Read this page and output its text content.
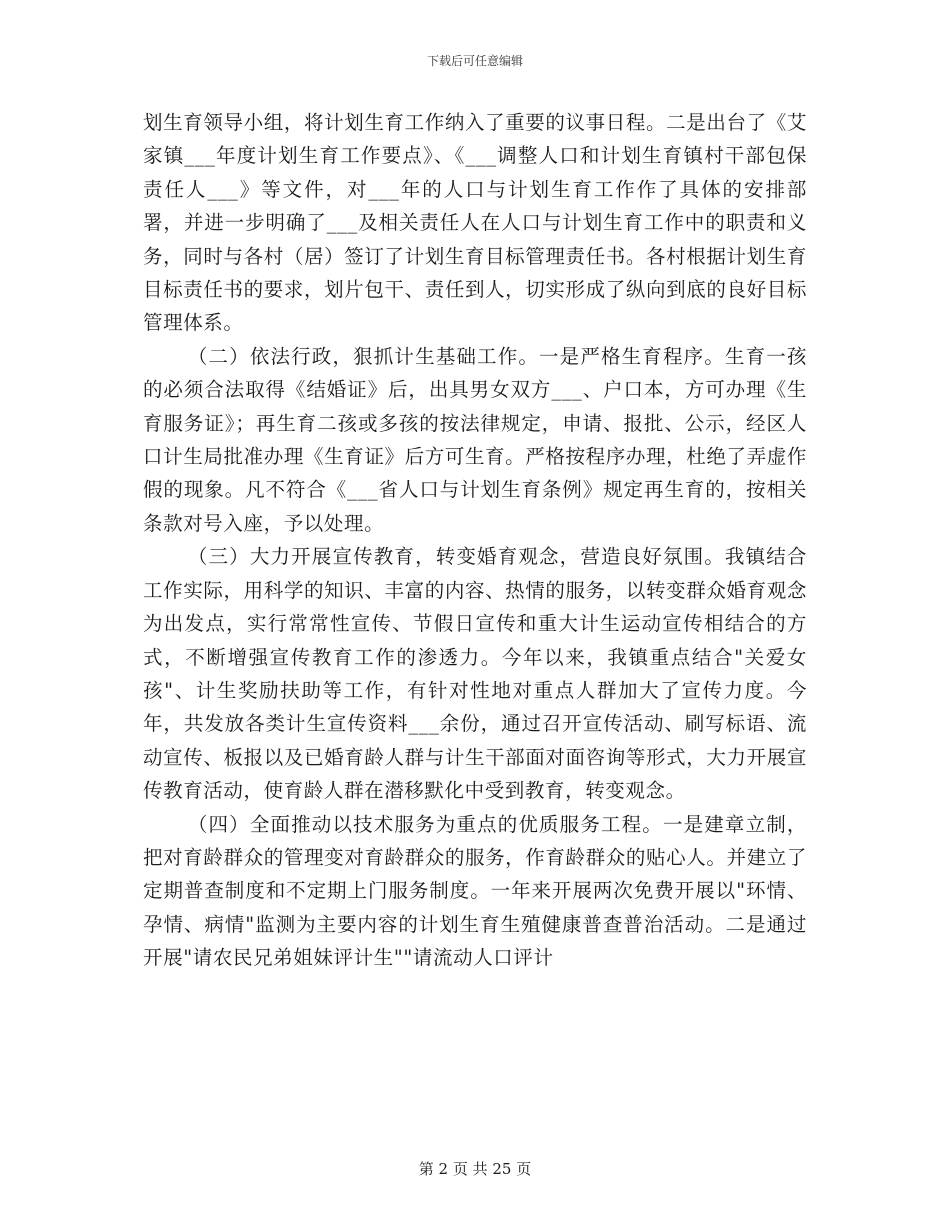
下载后可任意编辑

划生育领导小组，将计划生育工作纳入了重要的议事日程。二是出台了《艾家镇___年度计划生育工作要点》、《___调整人口和计划生育镇村干部包保责任人___》等文件，对___年的人口与计划生育工作作了具体的安排部署，并进一步明确了___及相关责任人在人口与计划生育工作中的职责和义务，同时与各村（居）签订了计划生育目标管理责任书。各村根据计划生育目标责任书的要求，划片包干、责任到人，切实形成了纵向到底的良好目标管理体系。

（二）依法行政，狠抓计生基础工作。一是严格生育程序。生育一孩的必须合法取得《结婚证》后，出具男女双方___、户口本，方可办理《生育服务证》；再生育二孩或多孩的按法律规定，申请、报批、公示，经区人口计生局批准办理《生育证》后方可生育。严格按程序办理，杜绝了弄虚作假的现象。凡不符合《___省人口与计划生育条例》规定再生育的，按相关条款对号入座，予以处理。

（三）大力开展宣传教育，转变婚育观念，营造良好氛围。我镇结合工作实际，用科学的知识、丰富的内容、热情的服务，以转变群众婚育观念为出发点，实行常常性宣传、节假日宣传和重大计生运动宣传相结合的方式，不断增强宣传教育工作的渗透力。今年以来，我镇重点结合"关爱女孩"、计生奖励扶助等工作，有针对性地对重点人群加大了宣传力度。今年，共发放各类计生宣传资料___余份，通过召开宣传活动、刷写标语、流动宣传、板报以及已婚育龄人群与计生干部面对面咨询等形式，大力开展宣传教育活动，使育龄人群在潜移默化中受到教育，转变观念。

（四）全面推动以技术服务为重点的优质服务工程。一是建章立制，把对育龄群众的管理变对育龄群众的服务，作育龄群众的贴心人。并建立了定期普查制度和不定期上门服务制度。一年来开展两次免费开展以"环情、孕情、病情"监测为主要内容的计划生育生殖健康普查普治活动。二是通过开展"请农民兄弟姐妹评计生""请流动人口评计

第 2 页 共 25 页
